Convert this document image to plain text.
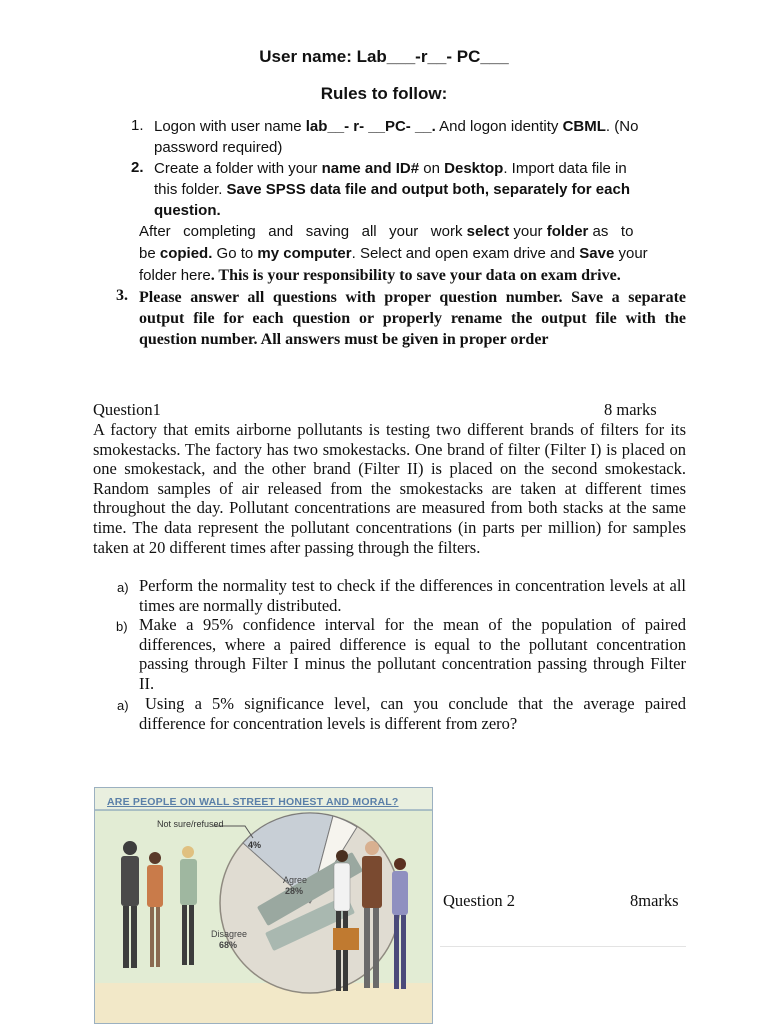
User name: Lab___-r__- PC___
Rules to follow:
1. Logon with user name lab__- r- __PC- __. And logon identity CBML. (No
password required)
2. Create a folder with your name and ID# on Desktop. Import data file in
this folder. Save SPSS data file and output both, separately for each
question.
After   completing   and   saving   all   your   work select your folder as   to
be copied. Go to my computer. Select and open exam drive and Save your
folder here. This is your responsibility to save your data on exam drive.
3. Please answer all questions with proper question number. Save a separate output file for each question or properly rename the output file with the question number. All answers must be given in proper order
Question1	8 marks
A factory that emits airborne pollutants is testing two different brands of filters for its smokestacks. The factory has two smokestacks. One brand of filter (Filter I) is placed on one smokestack, and the other brand (Filter II) is placed on the second smokestack. Random samples of air released from the smokestacks are taken at different times throughout the day. Pollutant concentrations are measured from both stacks at the same time. The data represent the pollutant concentrations (in parts per million) for samples taken at 20 different times after passing through the filters.
a) Perform the normality test to check if the differences in concentration levels at all times are normally distributed.
b) Make a 95% confidence interval for the mean of the population of paired differences, where a paired difference is equal to the pollutant concentration passing through Filter I minus the pollutant concentration passing through Filter II.
a) Using a 5% significance level, can you conclude that the average paired difference for concentration levels is different from zero?
ARE PEOPLE ON WALL STREET HONEST AND MORAL?
Not sure/refused
4%
Agree
28%
Disagree
68%
Question 2	8marks
